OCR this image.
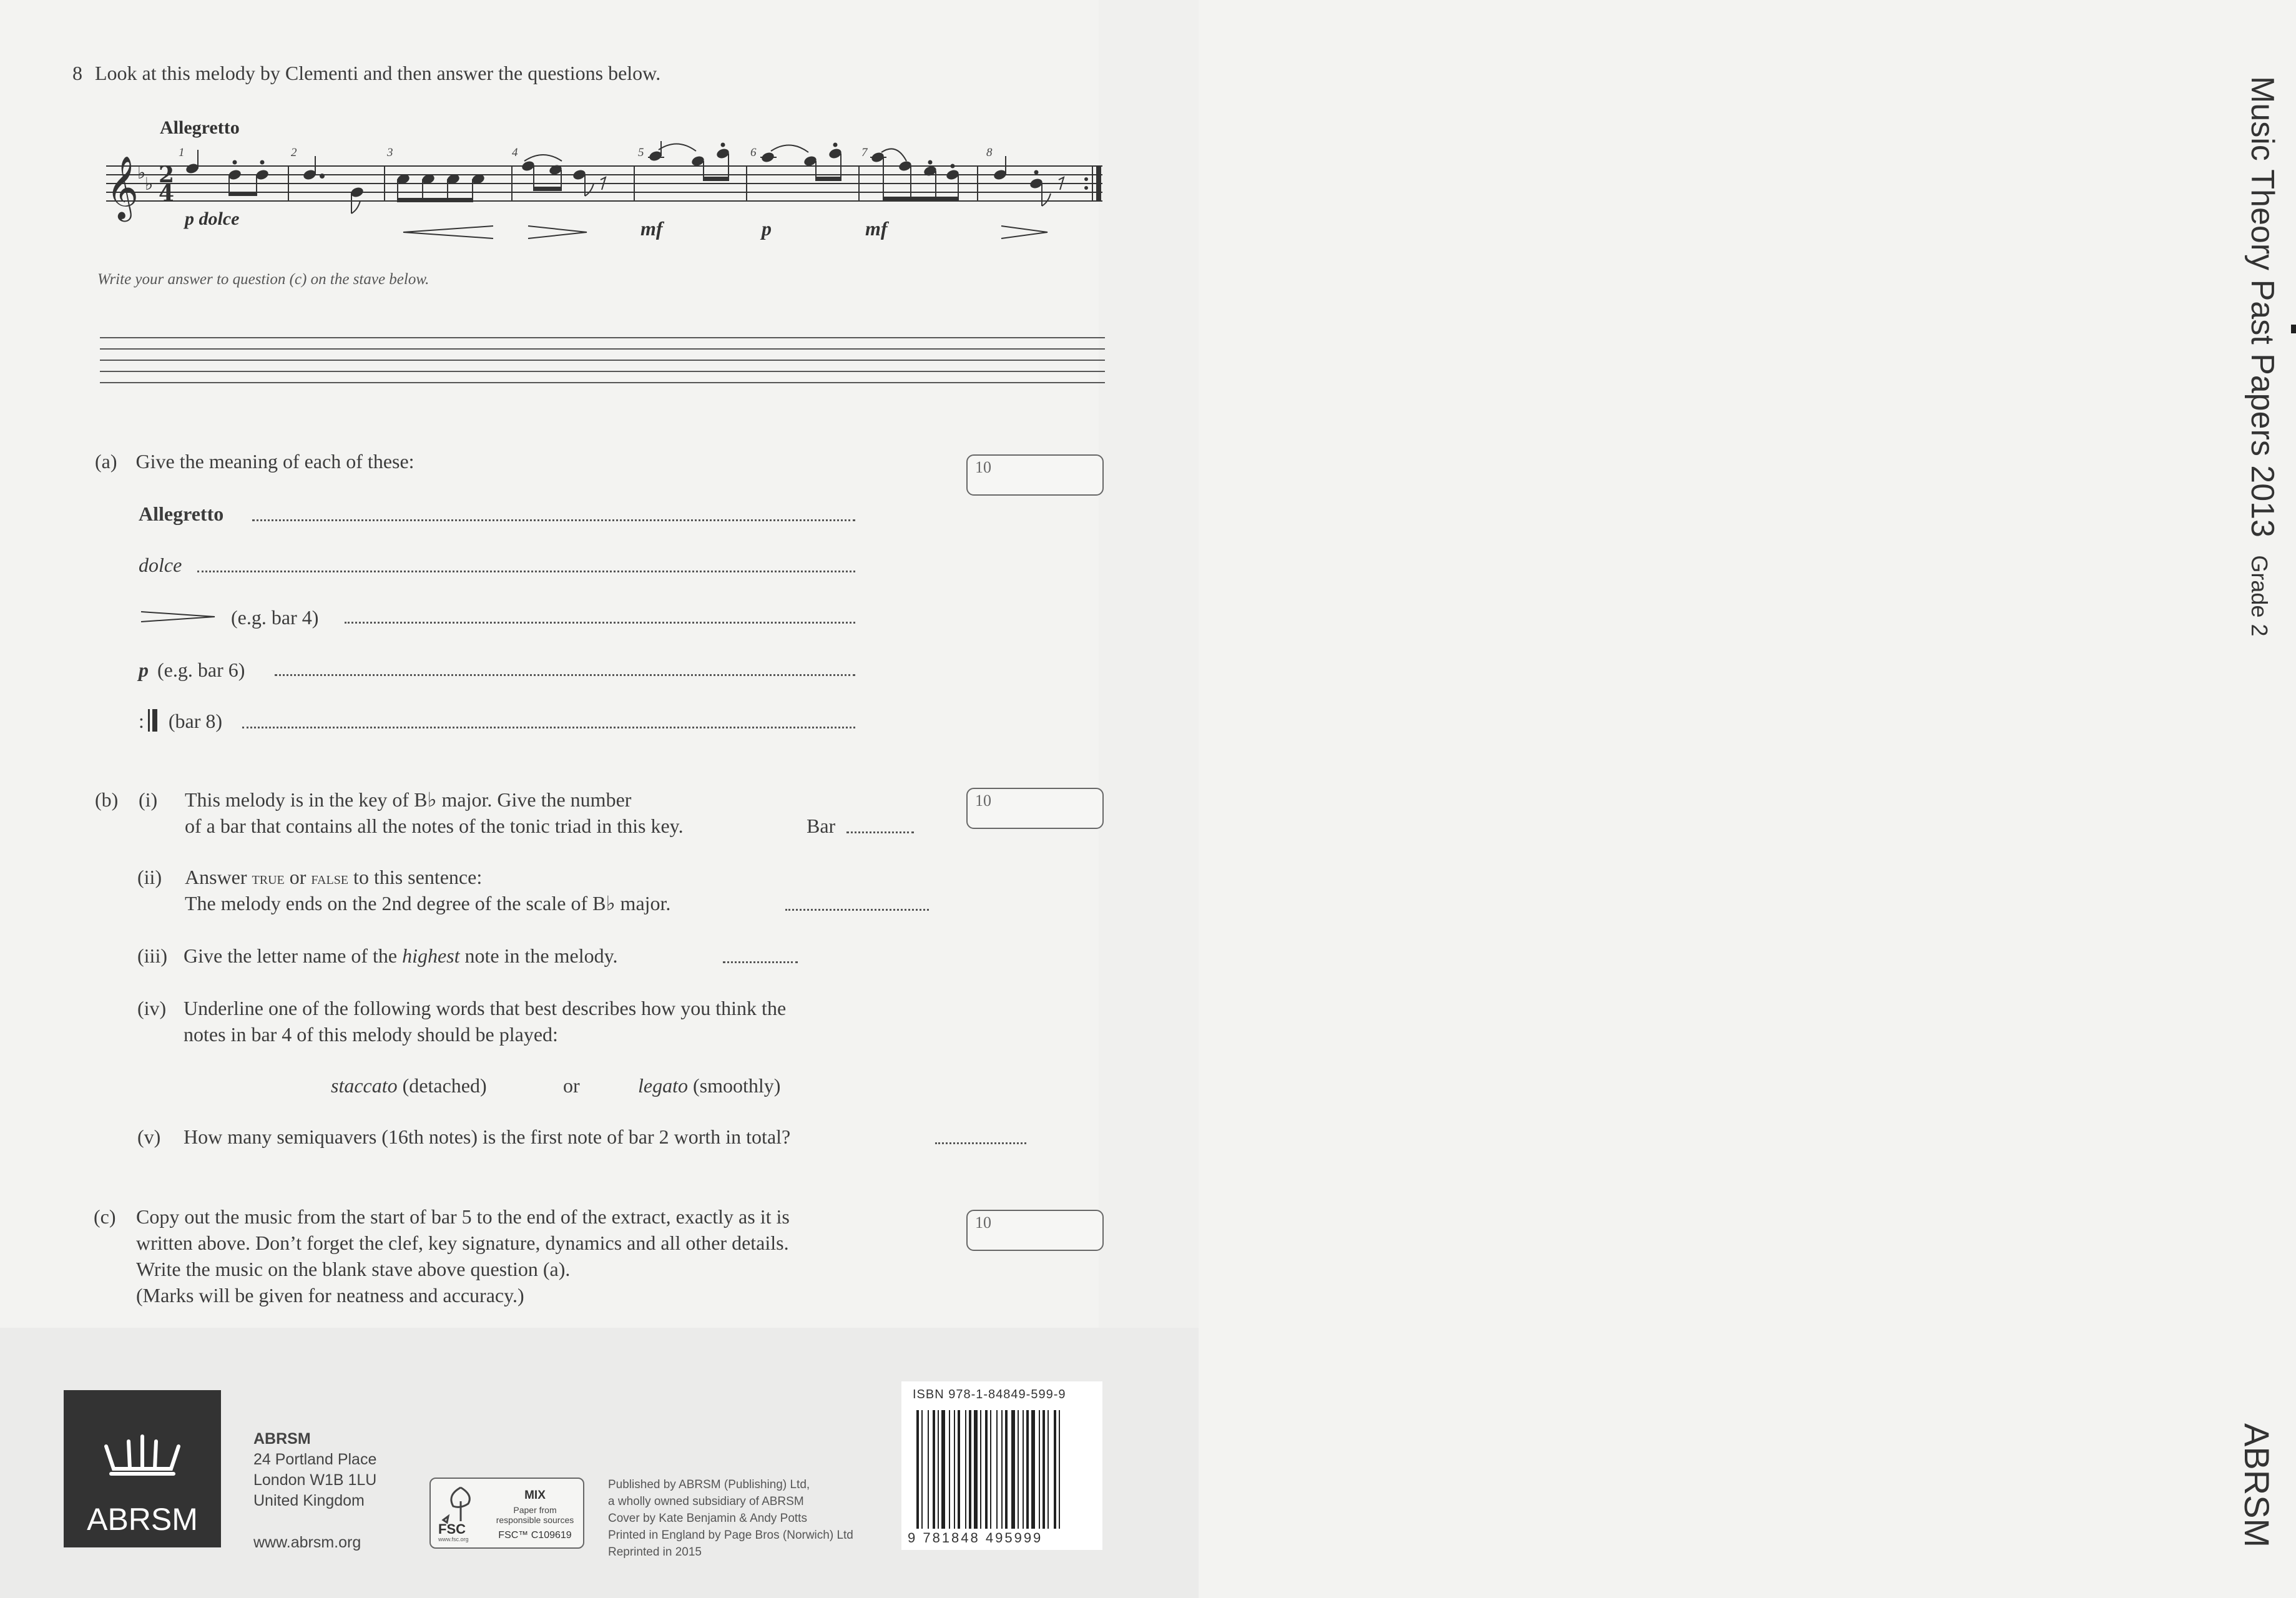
Music Theory Past Papers 2013 Grade 2
ABRSM
8 Look at this melody by Clementi and then answer the questions below.
Allegretto
𝄞
♭
♭ 2
4
1	2	3	4	5	6	7	8
p dolce	mf	p	mf
Write your answer to question (c) on the stave below.
(a) Give the meaning of each of these:	10
Allegretto
dolce
(e.g. bar 4)
p (e.g. bar 6)
: (bar 8)
10
(b) (i) This melody is in the key of B♭ major. Give the number
of a bar that contains all the notes of the tonic triad in this key.	Bar
(ii) Answer true or false to this sentence:
The melody ends on the 2nd degree of the scale of B♭ major.
(iii) Give the letter name of the highest note in the melody.
(iv) Underline one of the following words that best describes how you think the
notes in bar 4 of this melody should be played:
staccato (detached)	or	legato (smoothly)
(v) How many semiquavers (16th notes) is the first note of bar 2 worth in total?
10
(c) Copy out the music from the start of bar 5 to the end of the extract, exactly as it is
written above. Don’t forget the clef, key signature, dynamics and all other details.
Write the music on the blank stave above question (a).
(Marks will be given for neatness and accuracy.)
ABRSM
ABRSM
24 Portland Place
London W1B 1LU
United Kingdom
www.abrsm.org
FSC
www.fsc.org
MIX
Paper from responsible sources
FSC™ C109619
Published by ABRSM (Publishing) Ltd,
a wholly owned subsidiary of ABRSM
Cover by Kate Benjamin & Andy Potts
Printed in England by Page Bros (Norwich) Ltd
Reprinted in 2015
ISBN 978-1-84849-599-9
9 781848 495999
